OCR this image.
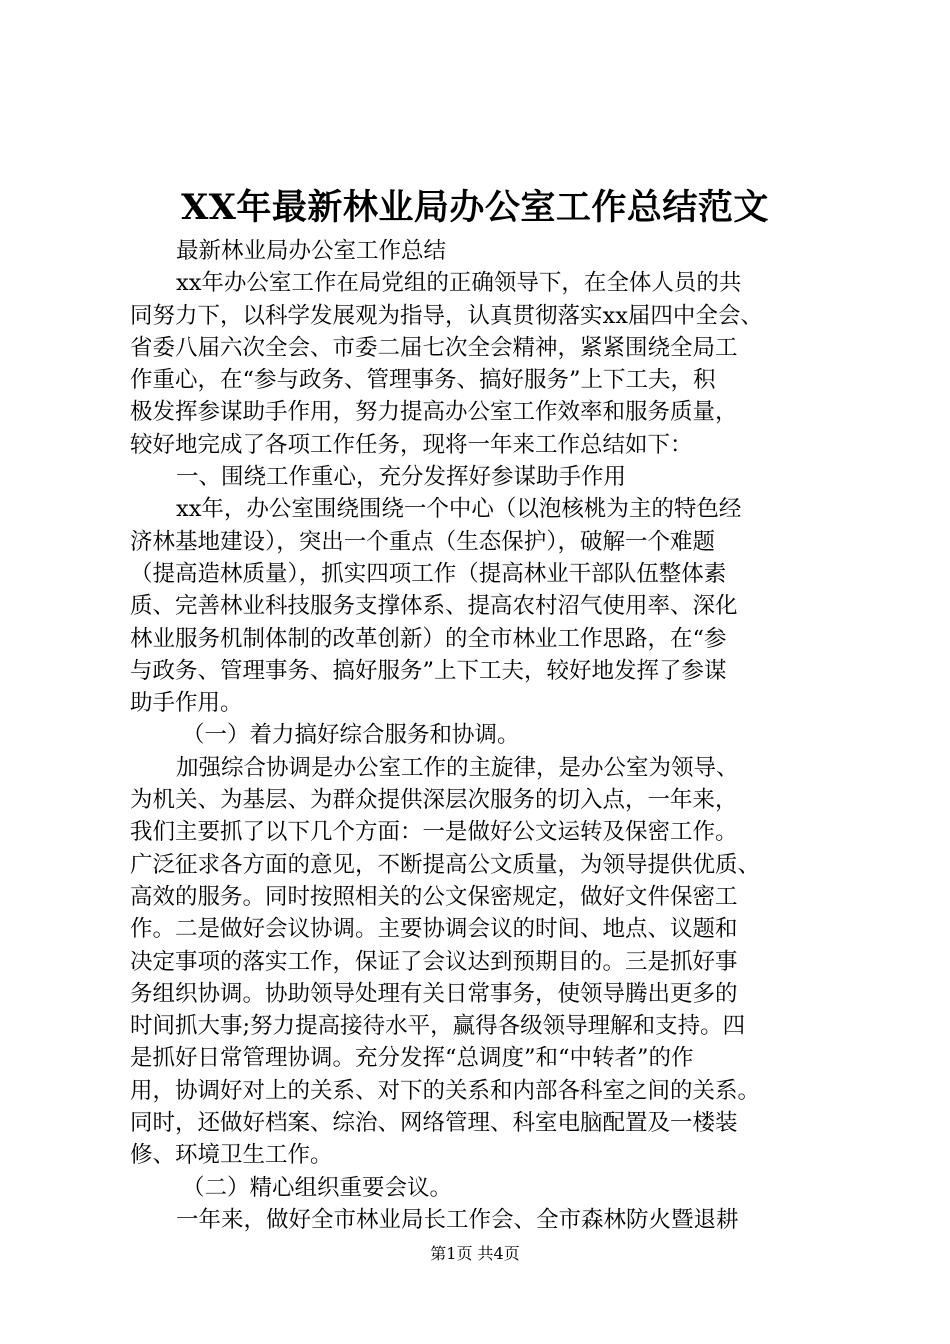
XX年最新林业局办公室工作总结范文
最新林业局办公室工作总结
xx年办公室工作在局党组的正确领导下，在全体人员的共
同努力下，以科学发展观为指导，认真贯彻落实xx届四中全会、
省委八届六次全会、市委二届七次全会精神，紧紧围绕全局工
作重心，在“参与政务、管理事务、搞好服务”上下工夫，积
极发挥参谋助手作用，努力提高办公室工作效率和服务质量，
较好地完成了各项工作任务，现将一年来工作总结如下：
一、围绕工作重心，充分发挥好参谋助手作用
xx年，办公室围绕围绕一个中心（以泡核桃为主的特色经
济林基地建设），突出一个重点（生态保护），破解一个难题
（提高造林质量），抓实四项工作（提高林业干部队伍整体素
质、完善林业科技服务支撑体系、提高农村沼气使用率、深化
林业服务机制体制的改革创新）的全市林业工作思路，在“参
与政务、管理事务、搞好服务”上下工夫，较好地发挥了参谋
助手作用。
（一）着力搞好综合服务和协调。
加强综合协调是办公室工作的主旋律，是办公室为领导、
为机关、为基层、为群众提供深层次服务的切入点，一年来，
我们主要抓了以下几个方面：一是做好公文运转及保密工作。
广泛征求各方面的意见，不断提高公文质量，为领导提供优质、
高效的服务。同时按照相关的公文保密规定，做好文件保密工
作。二是做好会议协调。主要协调会议的时间、地点、议题和
决定事项的落实工作，保证了会议达到预期目的。三是抓好事
务组织协调。协助领导处理有关日常事务，使领导腾出更多的
时间抓大事;努力提高接待水平，赢得各级领导理解和支持。四
是抓好日常管理协调。充分发挥“总调度”和“中转者”的作
用，协调好对上的关系、对下的关系和内部各科室之间的关系。
同时，还做好档案、综治、网络管理、科室电脑配置及一楼装
修、环境卫生工作。
（二）精心组织重要会议。
一年来，做好全市林业局长工作会、全市森林防火暨退耕
第1页 共4页
